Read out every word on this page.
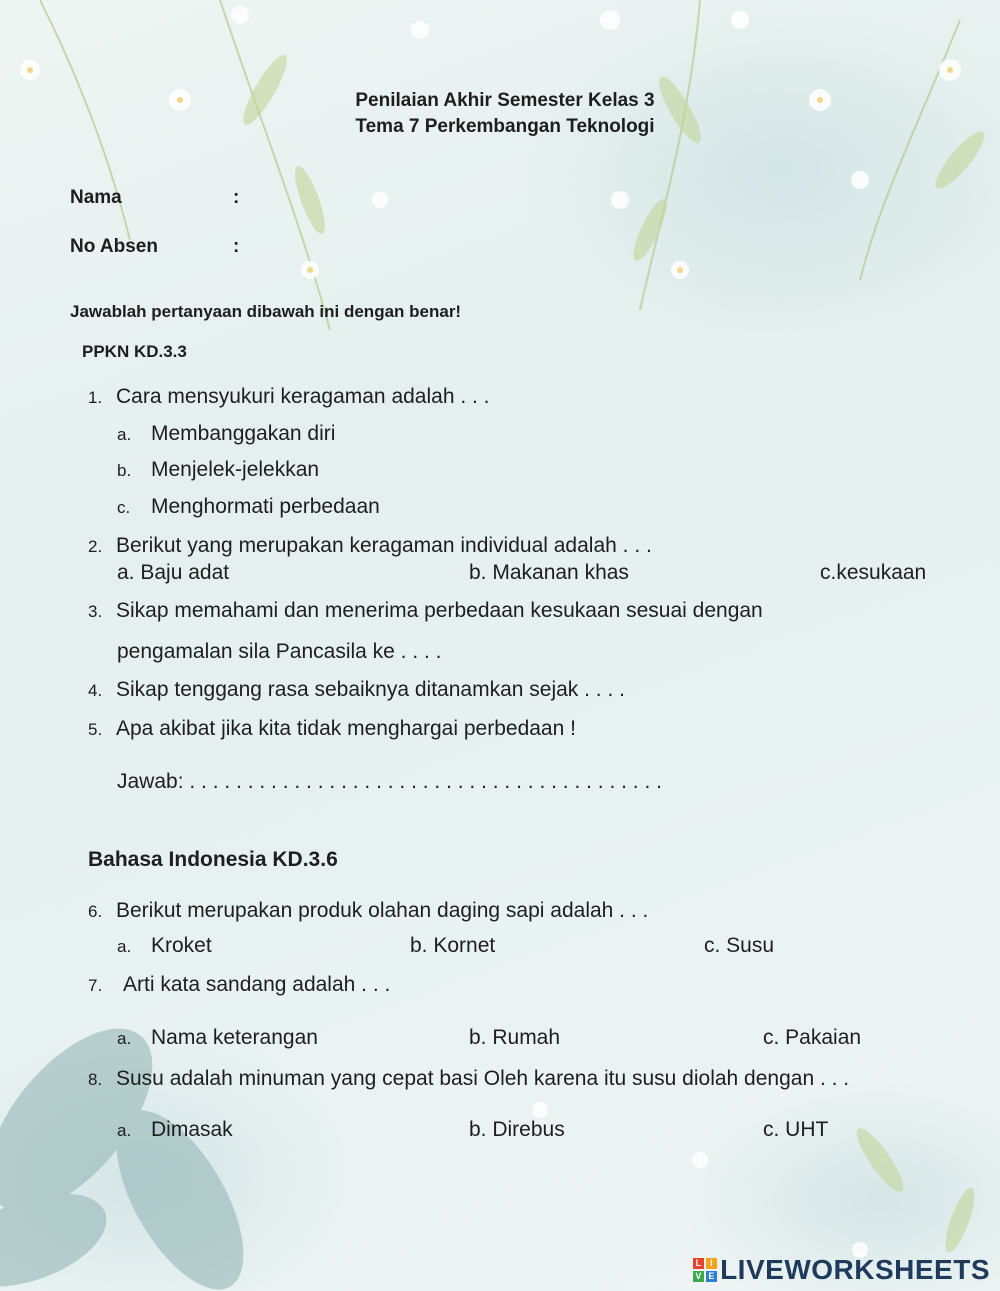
Penilaian Akhir Semester Kelas 3
Tema 7 Perkembangan Teknologi
Nama	:
No Absen	:
Jawablah pertanyaan dibawah ini dengan benar!
PPKN KD.3.3
1. Cara mensyukuri keragaman adalah . . .
a. Membanggakan diri
b. Menjelek-jelekkan
c. Menghormati perbedaan
2. Berikut yang merupakan keragaman individual adalah . . .
a. Baju adat	b. Makanan khas	c.kesukaan
3. Sikap memahami dan menerima perbedaan kesukaan sesuai dengan
pengamalan sila Pancasila ke . . . .
4. Sikap tenggang rasa sebaiknya ditanamkan sejak . . . .
5. Apa akibat jika kita tidak menghargai perbedaan !
Jawab: . . . . . . . . . . . . . . . . . . . . . . . . . . . . . . . . . . . . . . . . .
Bahasa Indonesia KD.3.6
6. Berikut merupakan produk olahan daging sapi adalah . . .
a. Kroket	b. Kornet	c. Susu
7. Arti kata sandang adalah . . .
a. Nama keterangan	b. Rumah	c. Pakaian
8. Susu adalah minuman yang cepat basi Oleh karena itu susu diolah dengan . . .
a. Dimasak	b. Direbus	c. UHT
L I
V E LIVEWORKSHEETS
